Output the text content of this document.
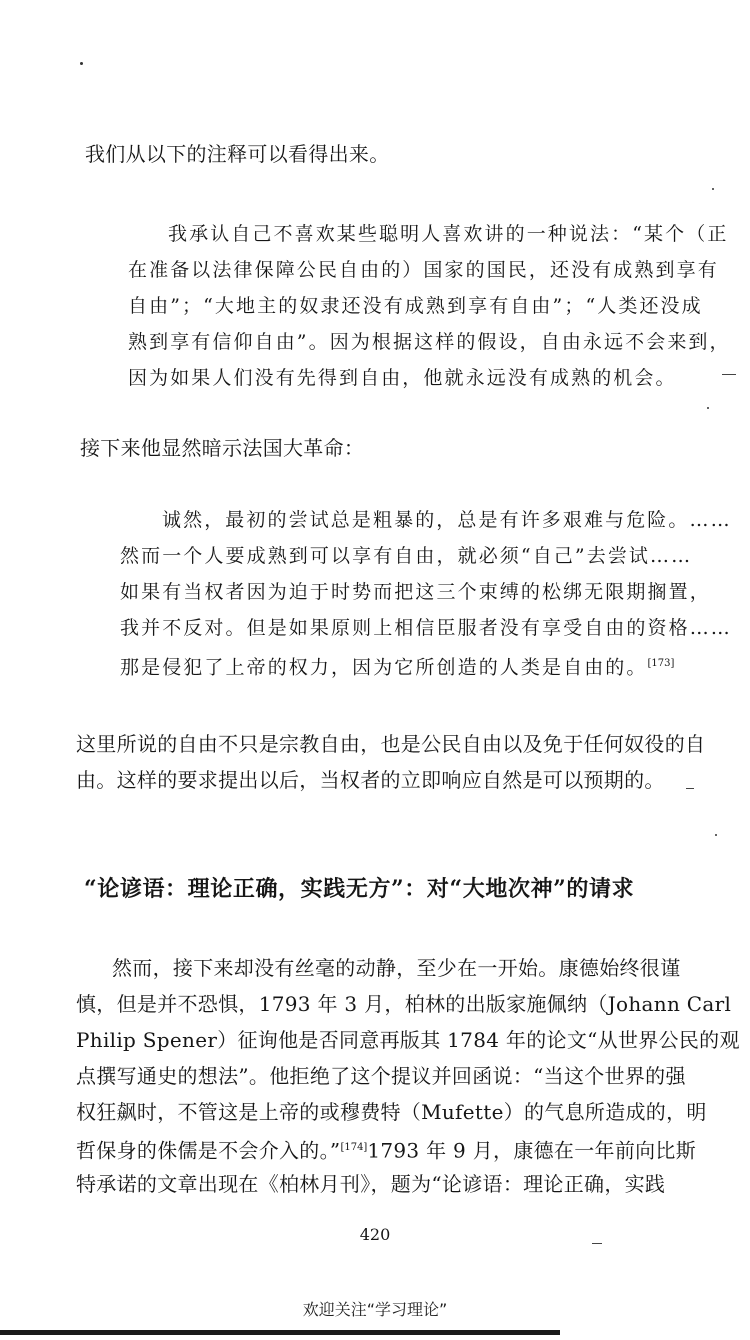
我们从以下的注释可以看得出来。
我承认自己不喜欢某些聪明人喜欢讲的一种说法：“某个（正
在准备以法律保障公民自由的）国家的国民，还没有成熟到享有
自由”；“大地主的奴隶还没有成熟到享有自由”；“人类还没成
熟到享有信仰自由”。因为根据这样的假设，自由永远不会来到，
因为如果人们没有先得到自由，他就永远没有成熟的机会。
接下来他显然暗示法国大革命：
诚然，最初的尝试总是粗暴的，总是有许多艰难与危险。……
然而一个人要成熟到可以享有自由，就必须“自己”去尝试……
如果有当权者因为迫于时势而把这三个束缚的松绑无限期搁置，
我并不反对。但是如果原则上相信臣服者没有享受自由的资格……
那是侵犯了上帝的权力，因为它所创造的人类是自由的。[173]
这里所说的自由不只是宗教自由，也是公民自由以及免于任何奴役的自
由。这样的要求提出以后，当权者的立即响应自然是可以预期的。
“论谚语：理论正确，实践无方”：对“大地次神”的请求
然而，接下来却没有丝毫的动静，至少在一开始。康德始终很谨
慎，但是并不恐惧，1793 年 3 月，柏林的出版家施佩纳（Johann Carl
Philip Spener）征询他是否同意再版其 1784 年的论文“从世界公民的观
点撰写通史的想法”。他拒绝了这个提议并回函说：“当这个世界的强
权狂飙时，不管这是上帝的或穆费特（Mufette）的气息所造成的，明
哲保身的侏儒是不会介入的。”[174]1793 年 9 月，康德在一年前向比斯
特承诺的文章出现在《柏林月刊》，题为“论谚语：理论正确，实践
420
欢迎关注“学习理论”
